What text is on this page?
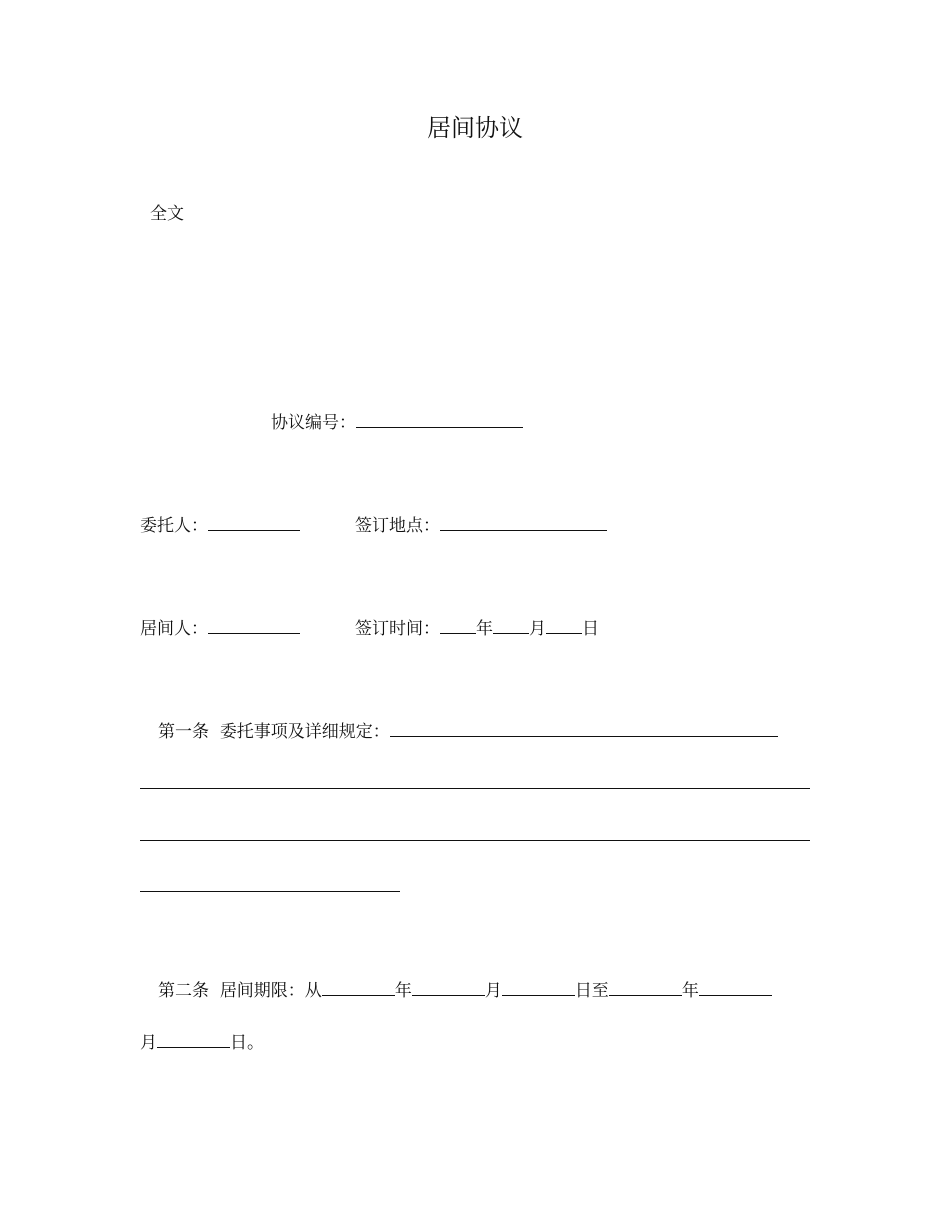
居间协议
全文
协议编号：
委托人：	签订地点：
居间人：	签订时间： 年 月 日
第一条 委托事项及详细规定：
第二条 居间期限：从	年	月	日至	年
月	日。
